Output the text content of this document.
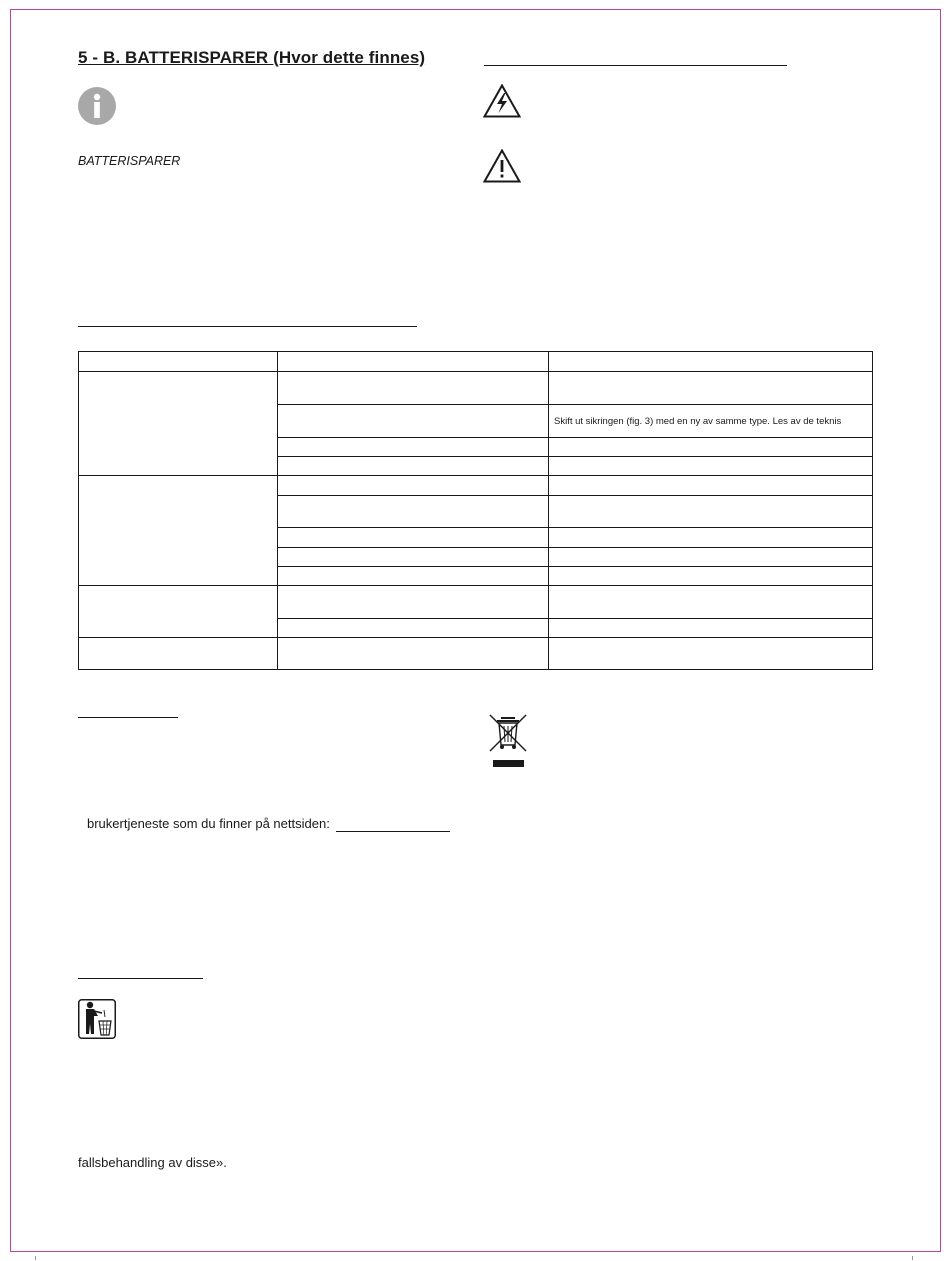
5 - B. BATTERISPARER (Hvor dette finnes)
BATTERISPARER

		Skift ut sikringen (fig. 3) med en ny av samme type. Les av de teknis

brukertjeneste som du finner på nettsiden:
fallsbehandling av disse».
